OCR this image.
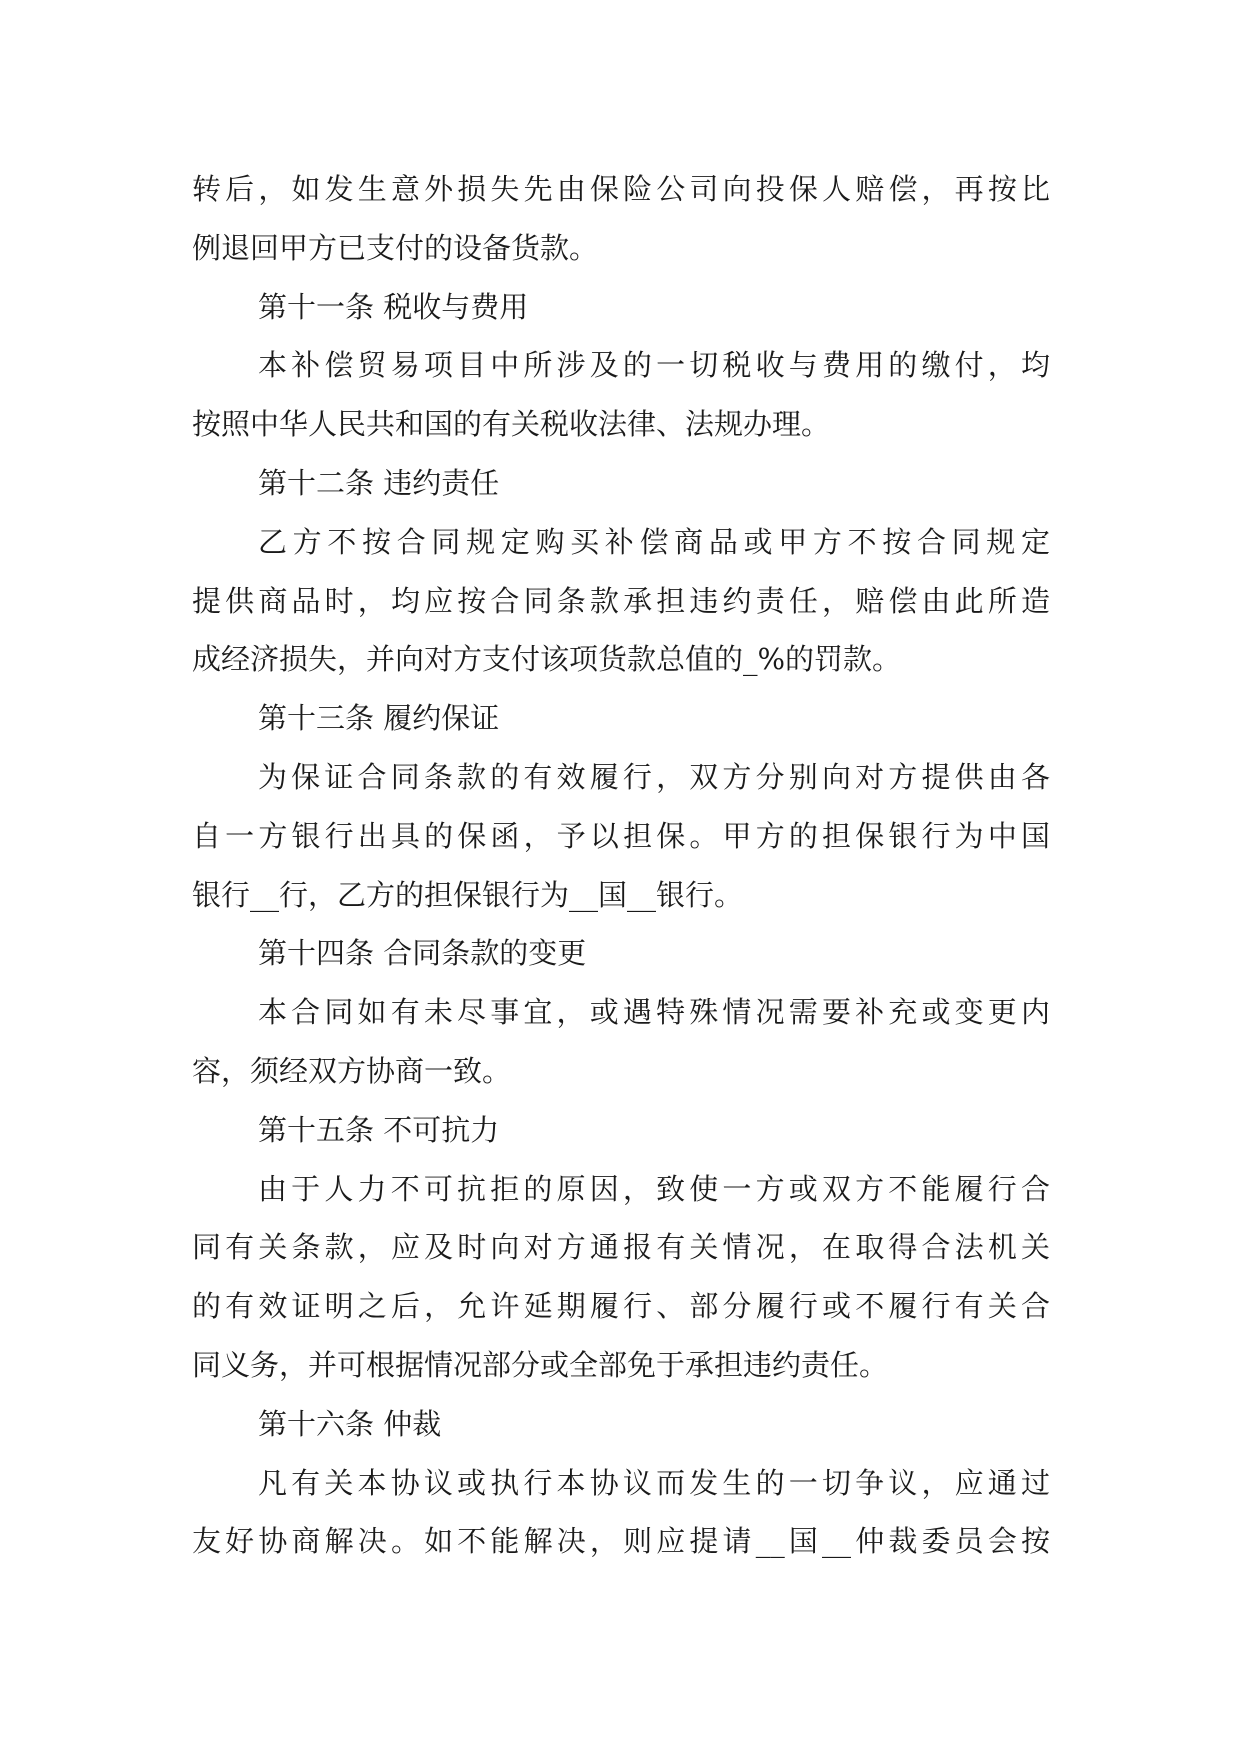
转后，如发生意外损失先由保险公司向投保人赔偿，再按比
例退回甲方已支付的设备货款。
第十一条 税收与费用
本补偿贸易项目中所涉及的一切税收与费用的缴付，均
按照中华人民共和国的有关税收法律、法规办理。
第十二条 违约责任
乙方不按合同规定购买补偿商品或甲方不按合同规定
提供商品时，均应按合同条款承担违约责任，赔偿由此所造
成经济损失，并向对方支付该项货款总值的_%的罚款。
第十三条 履约保证
为保证合同条款的有效履行，双方分别向对方提供由各
自一方银行出具的保函，予以担保。甲方的担保银行为中国
银行__行，乙方的担保银行为__国__银行。
第十四条 合同条款的变更
本合同如有未尽事宜，或遇特殊情况需要补充或变更内
容，须经双方协商一致。
第十五条 不可抗力
由于人力不可抗拒的原因，致使一方或双方不能履行合
同有关条款，应及时向对方通报有关情况，在取得合法机关
的有效证明之后，允许延期履行、部分履行或不履行有关合
同义务，并可根据情况部分或全部免于承担违约责任。
第十六条 仲裁
凡有关本协议或执行本协议而发生的一切争议，应通过
友好协商解决。如不能解决，则应提请__国__仲裁委员会按
